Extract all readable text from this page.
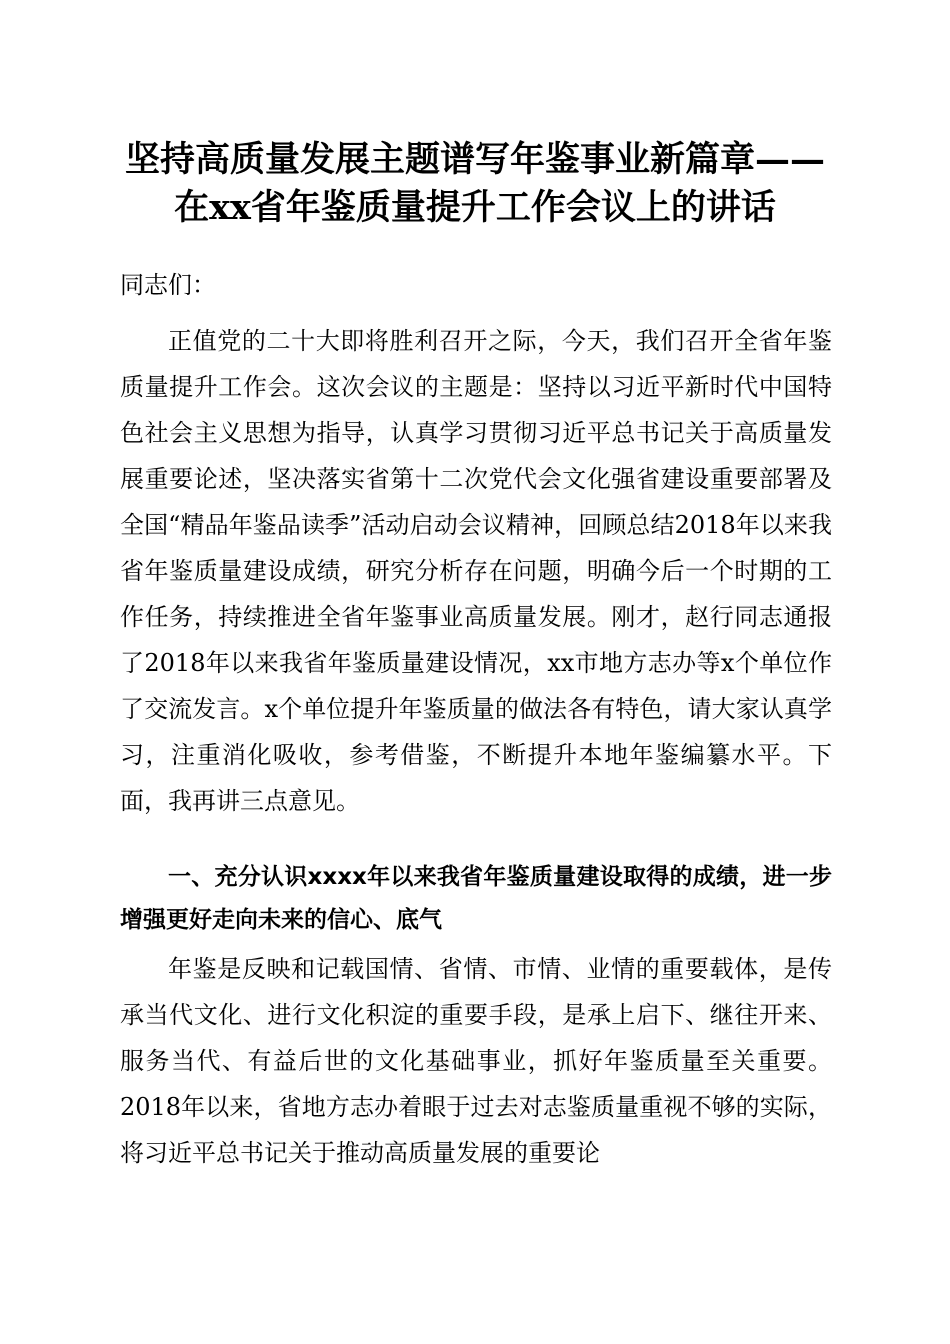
坚持高质量发展主题谱写年鉴事业新篇章——
在xx省年鉴质量提升工作会议上的讲话
同志们：
正值党的二十大即将胜利召开之际，今天，我们召开全省年鉴质量提升工作会。这次会议的主题是：坚持以习近平新时代中国特色社会主义思想为指导，认真学习贯彻习近平总书记关于高质量发展重要论述，坚决落实省第十二次党代会文化强省建设重要部署及全国“精品年鉴品读季”活动启动会议精神，回顾总结2018年以来我省年鉴质量建设成绩，研究分析存在问题，明确今后一个时期的工作任务，持续推进全省年鉴事业高质量发展。刚才，赵行同志通报了2018年以来我省年鉴质量建设情况，xx市地方志办等x个单位作了交流发言。x个单位提升年鉴质量的做法各有特色，请大家认真学习，注重消化吸收，参考借鉴，不断提升本地年鉴编纂水平。下面，我再讲三点意见。
一、充分认识xxxx年以来我省年鉴质量建设取得的成绩，进一步增强更好走向未来的信心、底气
年鉴是反映和记载国情、省情、市情、业情的重要载体，是传承当代文化、进行文化积淀的重要手段，是承上启下、继往开来、服务当代、有益后世的文化基础事业，抓好年鉴质量至关重要。2018年以来，省地方志办着眼于过去对志鉴质量重视不够的实际，将习近平总书记关于推动高质量发展的重要论
